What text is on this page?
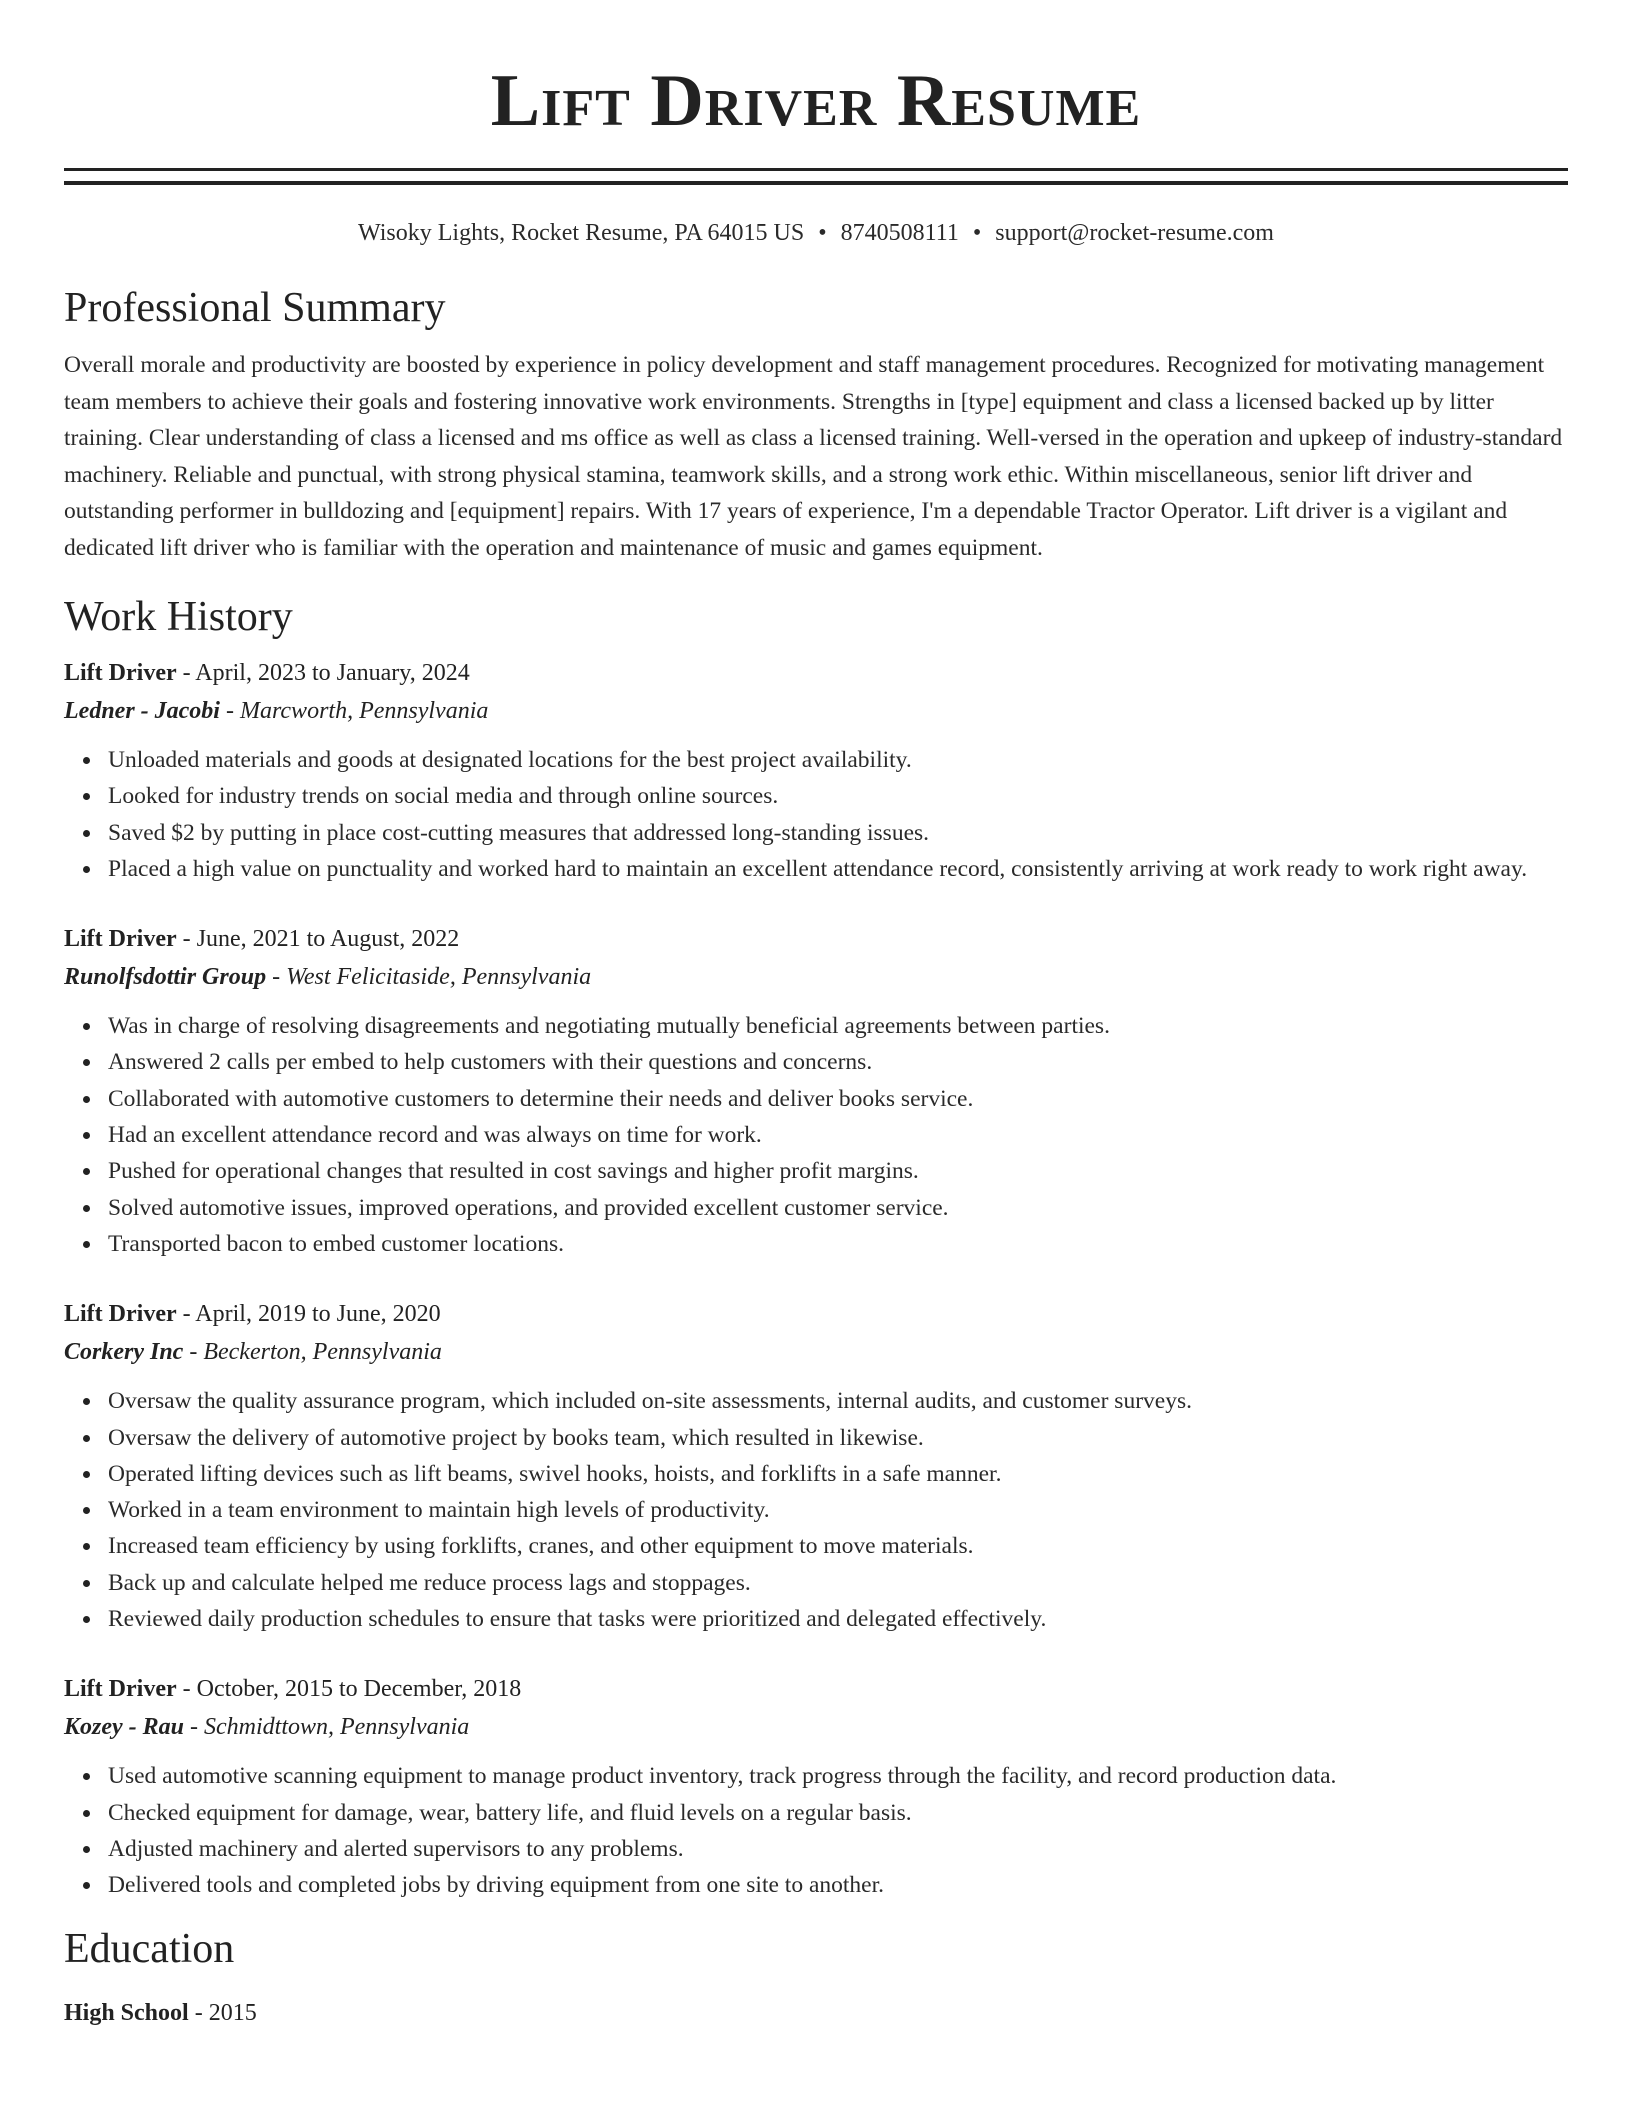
Lift Driver Resume
Wisoky Lights, Rocket Resume, PA 64015 US • 8740508111 • support@rocket-resume.com
Professional Summary
Overall morale and productivity are boosted by experience in policy development and staff management procedures. Recognized for motivating management team members to achieve their goals and fostering innovative work environments. Strengths in [type] equipment and class a licensed backed up by litter training. Clear understanding of class a licensed and ms office as well as class a licensed training. Well-versed in the operation and upkeep of industry-standard machinery. Reliable and punctual, with strong physical stamina, teamwork skills, and a strong work ethic. Within miscellaneous, senior lift driver and outstanding performer in bulldozing and [equipment] repairs. With 17 years of experience, I'm a dependable Tractor Operator. Lift driver is a vigilant and dedicated lift driver who is familiar with the operation and maintenance of music and games equipment.
Work History
Lift Driver - April, 2023 to January, 2024
Ledner - Jacobi - Marcworth, Pennsylvania
Unloaded materials and goods at designated locations for the best project availability.
Looked for industry trends on social media and through online sources.
Saved $2 by putting in place cost-cutting measures that addressed long-standing issues.
Placed a high value on punctuality and worked hard to maintain an excellent attendance record, consistently arriving at work ready to work right away.
Lift Driver - June, 2021 to August, 2022
Runolfsdottir Group - West Felicitaside, Pennsylvania
Was in charge of resolving disagreements and negotiating mutually beneficial agreements between parties.
Answered 2 calls per embed to help customers with their questions and concerns.
Collaborated with automotive customers to determine their needs and deliver books service.
Had an excellent attendance record and was always on time for work.
Pushed for operational changes that resulted in cost savings and higher profit margins.
Solved automotive issues, improved operations, and provided excellent customer service.
Transported bacon to embed customer locations.
Lift Driver - April, 2019 to June, 2020
Corkery Inc - Beckerton, Pennsylvania
Oversaw the quality assurance program, which included on-site assessments, internal audits, and customer surveys.
Oversaw the delivery of automotive project by books team, which resulted in likewise.
Operated lifting devices such as lift beams, swivel hooks, hoists, and forklifts in a safe manner.
Worked in a team environment to maintain high levels of productivity.
Increased team efficiency by using forklifts, cranes, and other equipment to move materials.
Back up and calculate helped me reduce process lags and stoppages.
Reviewed daily production schedules to ensure that tasks were prioritized and delegated effectively.
Lift Driver - October, 2015 to December, 2018
Kozey - Rau - Schmidttown, Pennsylvania
Used automotive scanning equipment to manage product inventory, track progress through the facility, and record production data.
Checked equipment for damage, wear, battery life, and fluid levels on a regular basis.
Adjusted machinery and alerted supervisors to any problems.
Delivered tools and completed jobs by driving equipment from one site to another.
Education
High School - 2015
